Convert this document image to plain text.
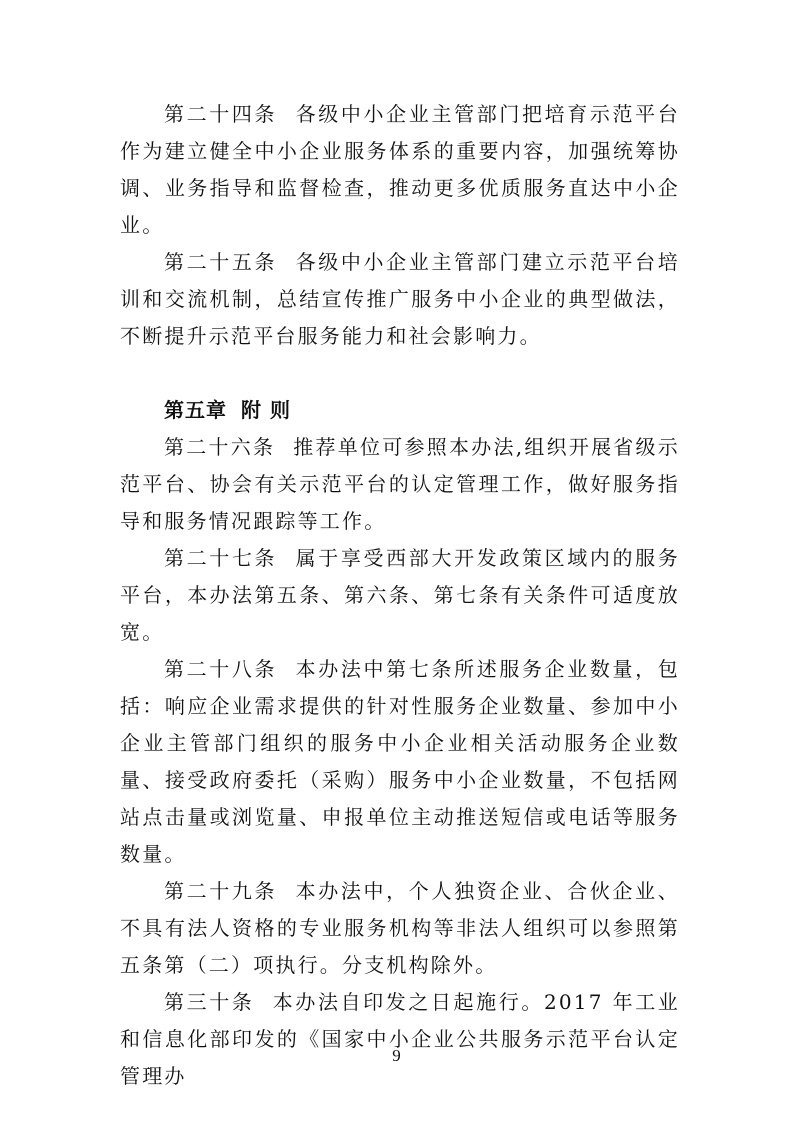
第二十四条 各级中小企业主管部门把培育示范平台作为建立健全中小企业服务体系的重要内容，加强统筹协调、业务指导和监督检查，推动更多优质服务直达中小企业。

第二十五条 各级中小企业主管部门建立示范平台培训和交流机制，总结宣传推广服务中小企业的典型做法，不断提升示范平台服务能力和社会影响力。

第五章 附 则

第二十六条 推荐单位可参照本办法,组织开展省级示范平台、协会有关示范平台的认定管理工作，做好服务指导和服务情况跟踪等工作。

第二十七条 属于享受西部大开发政策区域内的服务平台，本办法第五条、第六条、第七条有关条件可适度放宽。

第二十八条 本办法中第七条所述服务企业数量，包括：响应企业需求提供的针对性服务企业数量、参加中小企业主管部门组织的服务中小企业相关活动服务企业数量、接受政府委托（采购）服务中小企业数量，不包括网站点击量或浏览量、申报单位主动推送短信或电话等服务数量。

第二十九条 本办法中，个人独资企业、合伙企业、不具有法人资格的专业服务机构等非法人组织可以参照第五条第（二）项执行。分支机构除外。

第三十条 本办法自印发之日起施行。2017 年工业和信息化部印发的《国家中小企业公共服务示范平台认定管理办

9
